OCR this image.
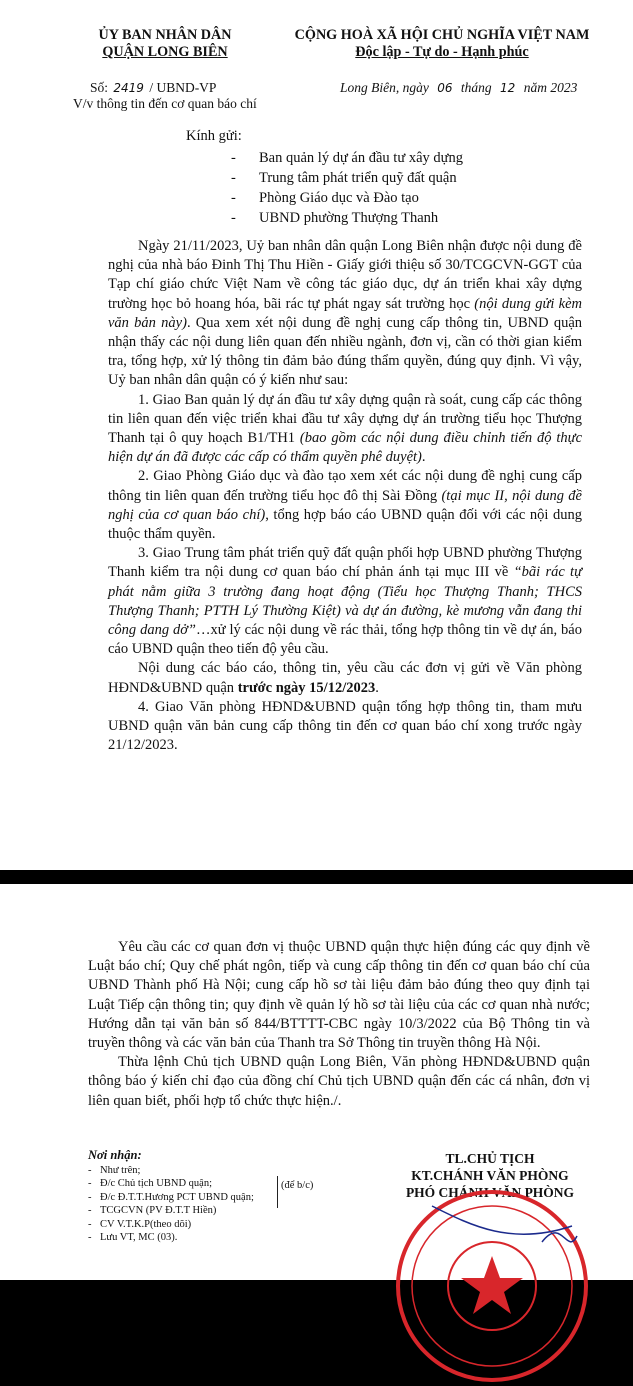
ỦY BAN NHÂN DÂN
QUẬN LONG BIÊN
CỘNG HOÀ XÃ HỘI CHỦ NGHĨA VIỆT NAM
Độc lập - Tự do - Hạnh phúc
Số: 2419 / UBND-VP
V/v thông tin đến cơ quan báo chí
Long Biên, ngày 06 tháng 12 năm 2023
Kính gửi:
- Ban quản lý dự án đầu tư xây dựng
- Trung tâm phát triển quỹ đất quận
- Phòng Giáo dục và Đào tạo
- UBND phường Thượng Thanh

Ngày 21/11/2023, Uỷ ban nhân dân quận Long Biên nhận được nội dung đề nghị của nhà báo Đinh Thị Thu Hiền - Giấy giới thiệu số 30/TCGCVN-GGT của Tạp chí giáo chức Việt Nam về công tác giáo dục, dự án triển khai xây dựng trường học bỏ hoang hóa, bãi rác tự phát ngay sát trường học (nội dung gửi kèm văn bản này). Qua xem xét nội dung đề nghị cung cấp thông tin, UBND quận nhận thấy các nội dung liên quan đến nhiều ngành, đơn vị, cần có thời gian kiểm tra, tổng hợp, xử lý thông tin đảm bảo đúng thẩm quyền, đúng quy định. Vì vậy, Uỷ ban nhân dân quận có ý kiến như sau:

1. Giao Ban quản lý dự án đầu tư xây dựng quận rà soát, cung cấp các thông tin liên quan đến việc triển khai đầu tư xây dựng dự án trường tiểu học Thượng Thanh tại ô quy hoạch B1/TH1 (bao gồm các nội dung điều chỉnh tiến độ thực hiện dự án đã được các cấp có thẩm quyền phê duyệt).

2. Giao Phòng Giáo dục và đào tạo xem xét các nội dung đề nghị cung cấp thông tin liên quan đến trường tiểu học đô thị Sài Đồng (tại mục II, nội dung đề nghị của cơ quan báo chí), tổng hợp báo cáo UBND quận đối với các nội dung thuộc thẩm quyền.

3. Giao Trung tâm phát triển quỹ đất quận phối hợp UBND phường Thượng Thanh kiểm tra nội dung cơ quan báo chí phản ánh tại mục III về “bãi rác tự phát nằm giữa 3 trường đang hoạt động (Tiểu học Thượng Thanh; THCS Thượng Thanh; PTTH Lý Thường Kiệt) và dự án đường, kè mương vẫn đang thi công dang dở”…xử lý các nội dung về rác thải, tổng hợp thông tin về dự án, báo cáo UBND quận theo tiến độ yêu cầu.

Nội dung các báo cáo, thông tin, yêu cầu các đơn vị gửi về Văn phòng HĐND&UBND quận trước ngày 15/12/2023.

4. Giao Văn phòng HĐND&UBND quận tổng hợp thông tin, tham mưu UBND quận văn bản cung cấp thông tin đến cơ quan báo chí xong trước ngày 21/12/2023.

Yêu cầu các cơ quan đơn vị thuộc UBND quận thực hiện đúng các quy định về Luật báo chí; Quy chế phát ngôn, tiếp và cung cấp thông tin đến cơ quan báo chí của UBND Thành phố Hà Nội; cung cấp hồ sơ tài liệu đảm bảo đúng theo quy định tại Luật Tiếp cận thông tin; quy định về quản lý hồ sơ tài liệu của các cơ quan nhà nước; Hướng dẫn tại văn bản số 844/BTTTT-CBC ngày 10/3/2022 của Bộ Thông tin và truyền thông và các văn bản của Thanh tra Sở Thông tin truyền thông Hà Nội.

Thừa lệnh Chủ tịch UBND quận Long Biên, Văn phòng HĐND&UBND quận thông báo ý kiến chỉ đạo của đồng chí Chủ tịch UBND quận đến các cá nhân, đơn vị liên quan biết, phối hợp tổ chức thực hiện./.

Nơi nhận:
- Như trên;
- Đ/c Chủ tịch UBND quận;
- Đ/c Đ.T.T.Hương PCT UBND quận;
- TCGCVN (PV Đ.T.T Hiền)
- CV V.T.K.P(theo dõi)
- Lưu VT, MC (03).
(để b/c)
TL.CHỦ TỊCH
KT.CHÁNH VĂN PHÒNG
PHÓ CHÁNH VĂN PHÒNG
